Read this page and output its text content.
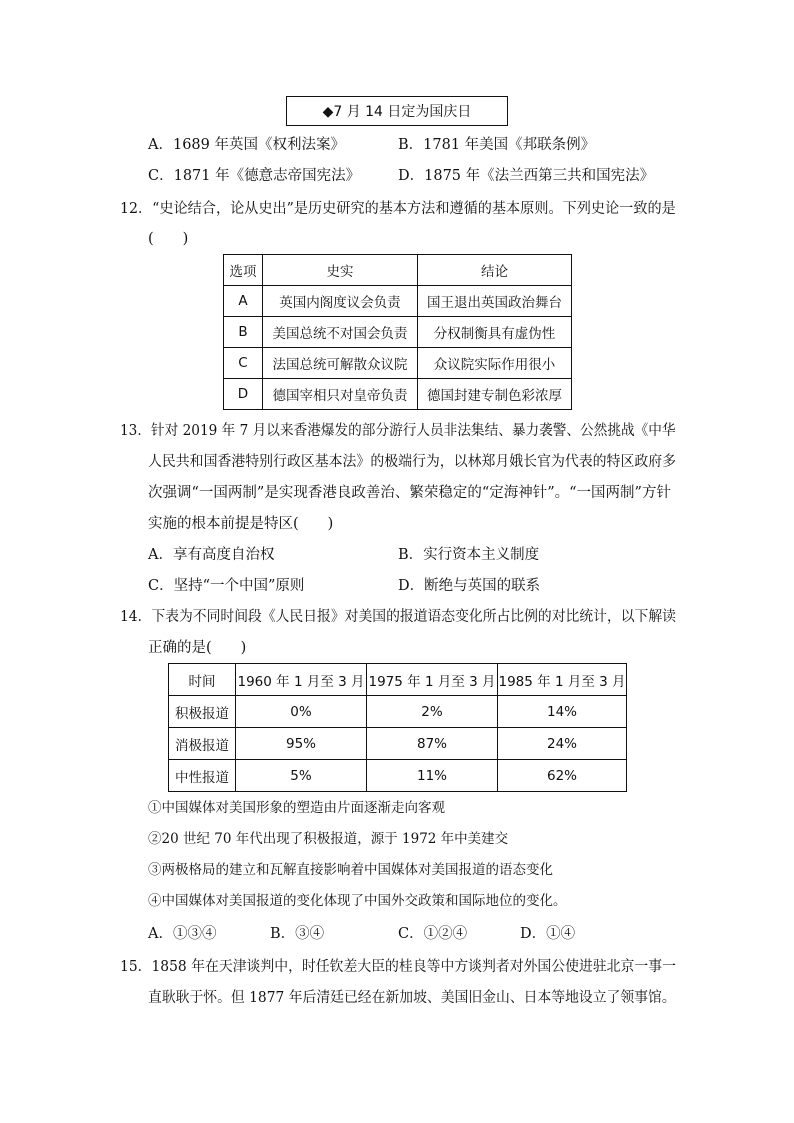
◆7 月 14 日定为国庆日
A．1689 年英国《权利法案》	B．1781 年美国《邦联条例》
C．1871 年《德意志帝国宪法》	D．1875 年《法兰西第三共和国宪法》
12．“史论结合，论从史出”是历史研究的基本方法和遵循的基本原则。下列史论一致的是
(　　)
选项	史实	结论
A	英国内阁度议会负责	国王退出英国政治舞台
B	美国总统不对国会负责	分权制衡具有虚伪性
C	法国总统可解散众议院	众议院实际作用很小
D	德国宰相只对皇帝负责	德国封建专制色彩浓厚
13．针对 2019 年 7 月以来香港爆发的部分游行人员非法集结、暴力袭警、公然挑战《中华
人民共和国香港特别行政区基本法》的极端行为，以林郑月娥长官为代表的特区政府多
次强调“一国两制”是实现香港良政善治、繁荣稳定的“定海神针”。“一国两制”方针
实施的根本前提是特区(　　)
A．享有高度自治权	B．实行资本主义制度
C．坚持“一个中国”原则	D．断绝与英国的联系
14．下表为不同时间段《人民日报》对美国的报道语态变化所占比例的对比统计，以下解读
正确的是(　　)
时间	1960 年 1 月至 3 月	1975 年 1 月至 3 月	1985 年 1 月至 3 月
积极报道	0%	2%	14%
消极报道	95%	87%	24%
中性报道	5%	11%	62%
①中国媒体对美国形象的塑造由片面逐渐走向客观
②20 世纪 70 年代出现了积极报道，源于 1972 年中美建交
③两极格局的建立和瓦解直接影响着中国媒体对美国报道的语态变化
④中国媒体对美国报道的变化体现了中国外交政策和国际地位的变化。
A．①③④	B．③④	C．①②④	D．①④
15．1858 年在天津谈判中，时任钦差大臣的桂良等中方谈判者对外国公使进驻北京一事一
直耿耿于怀。但 1877 年后清廷已经在新加坡、美国旧金山、日本等地设立了领事馆。
